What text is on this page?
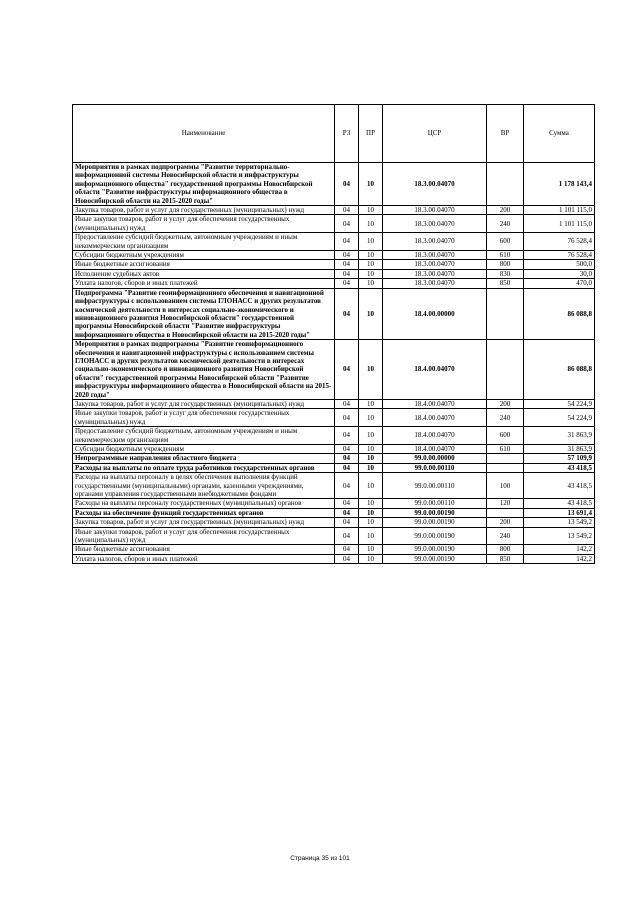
Наименование	РЗ	ПР	ЦСР	ВР	Сумма
Мероприятия в рамках подпрограммы "Развитие территориально-информационной системы Новосибирской области и инфраструктуры информационного общества" государственной программы Новосибирской области "Развитие инфраструктуры информационного общества в Новосибирской области на 2015-2020 годы"	04	10	18.3.00.04070		1 178 143,4
Закупка товаров, работ и услуг для государственных (муниципальных) нужд	04	10	18.3.00.04070	200	1 101 115,0
Иные закупки товаров, работ и услуг для обеспечения государственных (муниципальных) нужд	04	10	18.3.00.04070	240	1 101 115,0
Предоставление субсидий бюджетным, автономным учреждениям и иным некоммерческим организациям	04	10	18.3.00.04070	600	76 528,4
Субсидии бюджетным учреждениям	04	10	18.3.00.04070	610	76 528,4
Иные бюджетные ассигнования	04	10	18.3.00.04070	800	500,0
Исполнение судебных актов	04	10	18.3.00.04070	830	30,0
Уплата налогов, сборов и иных платежей	04	10	18.3.00.04070	850	470,0
Подпрограмма "Развитие геоинформационного обеспечения и навигационной инфраструктуры с использованием системы ГЛОНАСС и других результатов космической деятельности в интересах социально-экономического и инновационного развития Новосибирской области" государственной программы Новосибирской области "Развитие инфраструктуры информационного общества в Новосибирской области на 2015-2020 годы"	04	10	18.4.00.00000		86 088,8
Мероприятия в рамках подпрограммы "Развитие геоинформационного обеспечения и навигационной инфраструктуры с использованием системы ГЛОНАСС и других результатов космической деятельности в интересах социально-экономического и инновационного развития Новосибирской области" государственной программы Новосибирской области "Развитие инфраструктуры информационного общества в Новосибирской области на 2015-2020 годы"	04	10	18.4.00.04070		86 088,8
Закупка товаров, работ и услуг для государственных (муниципальных) нужд	04	10	18.4.00.04070	200	54 224,9
Иные закупки товаров, работ и услуг для обеспечения государственных (муниципальных) нужд	04	10	18.4.00.04070	240	54 224,9
Предоставление субсидий бюджетным, автономным учреждениям и иным некоммерческим организациям	04	10	18.4.00.04070	600	31 863,9
Субсидии бюджетным учреждениям	04	10	18.4.00.04070	610	31 863,9
Непрограммные направления областного бюджета	04	10	99.0.00.00000		57 109,9
Расходы на выплаты по оплате труда работников государственных органов	04	10	99.0.00.00110		43 418,5
Расходы на выплаты персоналу в целях обеспечения выполнения функций государственными (муниципальными) органами, казенными учреждениями, органами управления государственными внебюджетными фондами	04	10	99.0.00.00110	100	43 418,5
Расходы на выплаты персоналу государственных (муниципальных) органов	04	10	99.0.00.00110	120	43 418,5
Расходы на обеспечение функций государственных органов	04	10	99.0.00.00190		13 691,4
Закупка товаров, работ и услуг для государственных (муниципальных) нужд	04	10	99.0.00.00190	200	13 549,2
Иные закупки товаров, работ и услуг для обеспечения государственных (муниципальных) нужд	04	10	99.0.00.00190	240	13 549,2
Иные бюджетные ассигнования	04	10	99.0.00.00190	800	142,2
Уплата налогов, сборов и иных платежей	04	10	99.0.00.00190	850	142,2
Страница 35 из 101
